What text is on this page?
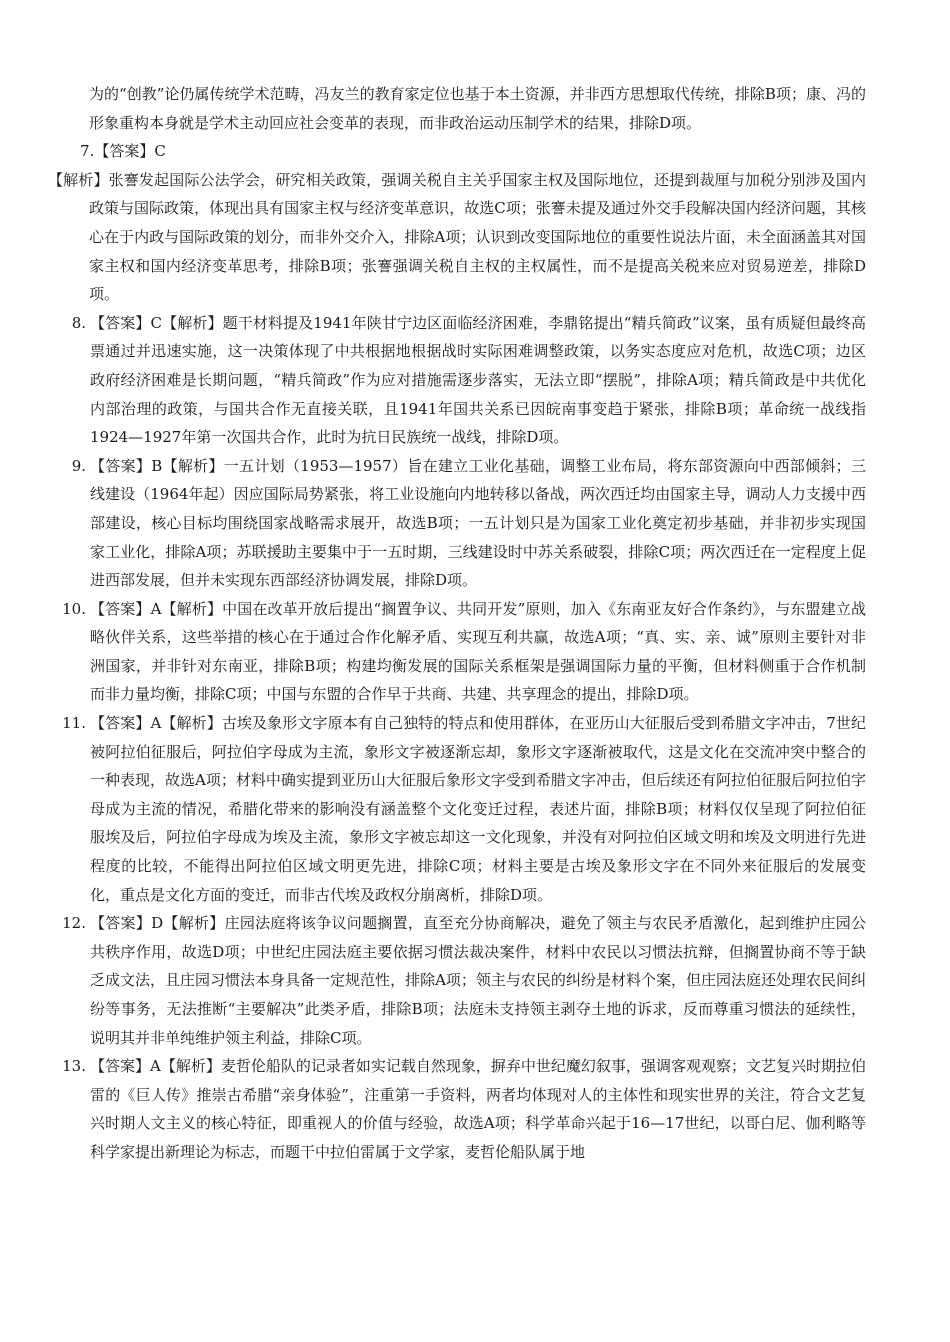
为的“创教”论仍属传统学术范畴，冯友兰的教育家定位也基于本土资源，并非西方思想取代传统，排除B项；康、冯的形象重构本身就是学术主动回应社会变革的表现，而非政治运动压制学术的结果，排除D项。
7.【答案】C
【解析】张謇发起国际公法学会，研究相关政策，强调关税自主关乎国家主权及国际地位，还提到裁厘与加税分别涉及国内政策与国际政策，体现出具有国家主权与经济变革意识，故选C项；张謇未提及通过外交手段解决国内经济问题，其核心在于内政与国际政策的划分，而非外交介入，排除A项；认识到改变国际地位的重要性说法片面，未全面涵盖其对国家主权和国内经济变革思考，排除B项；张謇强调关税自主权的主权属性，而不是提高关税来应对贸易逆差，排除D项。
8. 【答案】C【解析】题干材料提及1941年陕甘宁边区面临经济困难，李鼎铭提出“精兵简政”议案，虽有质疑但最终高票通过并迅速实施，这一决策体现了中共根据地根据战时实际困难调整政策，以务实态度应对危机，故选C项；边区政府经济困难是长期问题，“精兵简政”作为应对措施需逐步落实，无法立即“摆脱”，排除A项；精兵简政是中共优化内部治理的政策，与国共合作无直接关联，且1941年国共关系已因皖南事变趋于紧张，排除B项；革命统一战线指1924—1927年第一次国共合作，此时为抗日民族统一战线，排除D项。
9. 【答案】B【解析】一五计划（1953—1957）旨在建立工业化基础，调整工业布局，将东部资源向中西部倾斜；三线建设（1964年起）因应国际局势紧张，将工业设施向内地转移以备战，两次西迁均由国家主导，调动人力支援中西部建设，核心目标均围绕国家战略需求展开，故选B项；一五计划只是为国家工业化奠定初步基础，并非初步实现国家工业化，排除A项；苏联援助主要集中于一五时期，三线建设时中苏关系破裂，排除C项；两次西迁在一定程度上促进西部发展，但并未实现东西部经济协调发展，排除D项。
10. 【答案】A【解析】中国在改革开放后提出“搁置争议、共同开发”原则，加入《东南亚友好合作条约》，与东盟建立战略伙伴关系，这些举措的核心在于通过合作化解矛盾、实现互利共赢，故选A项；“真、实、亲、诚”原则主要针对非洲国家，并非针对东南亚，排除B项；构建均衡发展的国际关系框架是强调国际力量的平衡，但材料侧重于合作机制而非力量均衡，排除C项；中国与东盟的合作早于共商、共建、共享理念的提出，排除D项。
11. 【答案】A【解析】古埃及象形文字原本有自己独特的特点和使用群体，在亚历山大征服后受到希腊文字冲击，7世纪被阿拉伯征服后，阿拉伯字母成为主流，象形文字被逐渐忘却，象形文字逐渐被取代，这是文化在交流冲突中整合的一种表现，故选A项；材料中确实提到亚历山大征服后象形文字受到希腊文字冲击，但后续还有阿拉伯征服后阿拉伯字母成为主流的情况，希腊化带来的影响没有涵盖整个文化变迁过程，表述片面，排除B项；材料仅仅呈现了阿拉伯征服埃及后，阿拉伯字母成为埃及主流，象形文字被忘却这一文化现象，并没有对阿拉伯区域文明和埃及文明进行先进程度的比较，不能得出阿拉伯区域文明更先进，排除C项；材料主要是古埃及象形文字在不同外来征服后的发展变化，重点是文化方面的变迁，而非古代埃及政权分崩离析，排除D项。
12. 【答案】D【解析】庄园法庭将该争议问题搁置，直至充分协商解决，避免了领主与农民矛盾激化，起到维护庄园公共秩序作用，故选D项；中世纪庄园法庭主要依据习惯法裁决案件，材料中农民以习惯法抗辩，但搁置协商不等于缺乏成文法，且庄园习惯法本身具备一定规范性，排除A项；领主与农民的纠纷是材料个案，但庄园法庭还处理农民间纠纷等事务，无法推断“主要解决”此类矛盾，排除B项；法庭未支持领主剥夺土地的诉求，反而尊重习惯法的延续性，说明其并非单纯维护领主利益，排除C项。
13. 【答案】A【解析】麦哲伦船队的记录者如实记载自然现象，摒弃中世纪魔幻叙事，强调客观观察；文艺复兴时期拉伯雷的《巨人传》推崇古希腊“亲身体验”，注重第一手资料，两者均体现对人的主体性和现实世界的关注，符合文艺复兴时期人文主义的核心特征，即重视人的价值与经验，故选A项；科学革命兴起于16—17世纪，以哥白尼、伽利略等科学家提出新理论为标志，而题干中拉伯雷属于文学家，麦哲伦船队属于地
